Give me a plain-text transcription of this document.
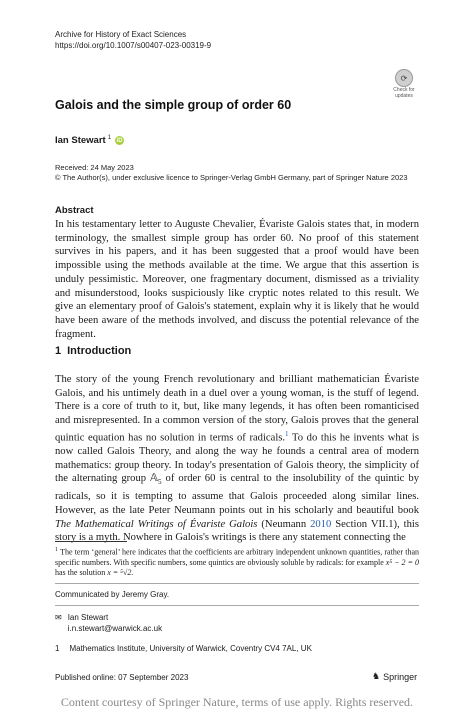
Archive for History of Exact Sciences
https://doi.org/10.1007/s00407-023-00319-9
⟳
Check for
updates
Galois and the simple group of order 60
Ian Stewart $^1$ iD
Received: 24 May 2023
© The Author(s), under exclusive licence to Springer-Verlag GmbH Germany, part of Springer Nature 2023
Abstract
In his testamentary letter to Auguste Chevalier, Évariste Galois states that, in modern terminology, the smallest simple group has order 60. No proof of this statement survives in his papers, and it has been suggested that a proof would have been impossible using the methods available at the time. We argue that this assertion is unduly pessimistic. Moreover, one fragmentary document, dismissed as a triviality and misunderstood, looks suspiciously like cryptic notes related to this result. We give an elementary proof of Galois's statement, explain why it is likely that he would have been aware of the methods involved, and discuss the potential relevance of the fragment.
1 Introduction
The story of the young French revolutionary and brilliant mathematician Évariste Galois, and his untimely death in a duel over a young woman, is the stuff of legend. There is a core of truth to it, but, like many legends, it has often been romanticised and misrepresented. In a common version of the story, Galois proves that the general quintic equation has no solution in terms of radicals.$^1$ To do this he invents what is now called Galois Theory, and along the way he founds a central area of modern mathematics: group theory. In today's presentation of Galois theory, the simplicity of the alternating group 𝔸$_5$ of order 60 is central to the insolubility of the quintic by radicals, so it is tempting to assume that Galois proceeded along similar lines. However, as the late Peter Neumann points out in his scholarly and beautiful book The Mathematical Writings of Évariste Galois (Neumann 2010 Section VII.1), this story is a myth. Nowhere in Galois's writings is there any statement connecting the
$^1$ The term ‘general’ here indicates that the coefficients are arbitrary independent unknown quantities, rather than specific numbers. With specific numbers, some quintics are obviously soluble by radicals: for example x⁵ − 2 = 0 has the solution x = ⁵√2.
Communicated by Jeremy Gray.
✉ Ian Stewart
i.n.stewart@warwick.ac.uk
1 Mathematics Institute, University of Warwick, Coventry CV4 7AL, UK
Published online: 07 September 2023	♞ Springer
Content courtesy of Springer Nature, terms of use apply. Rights reserved.
